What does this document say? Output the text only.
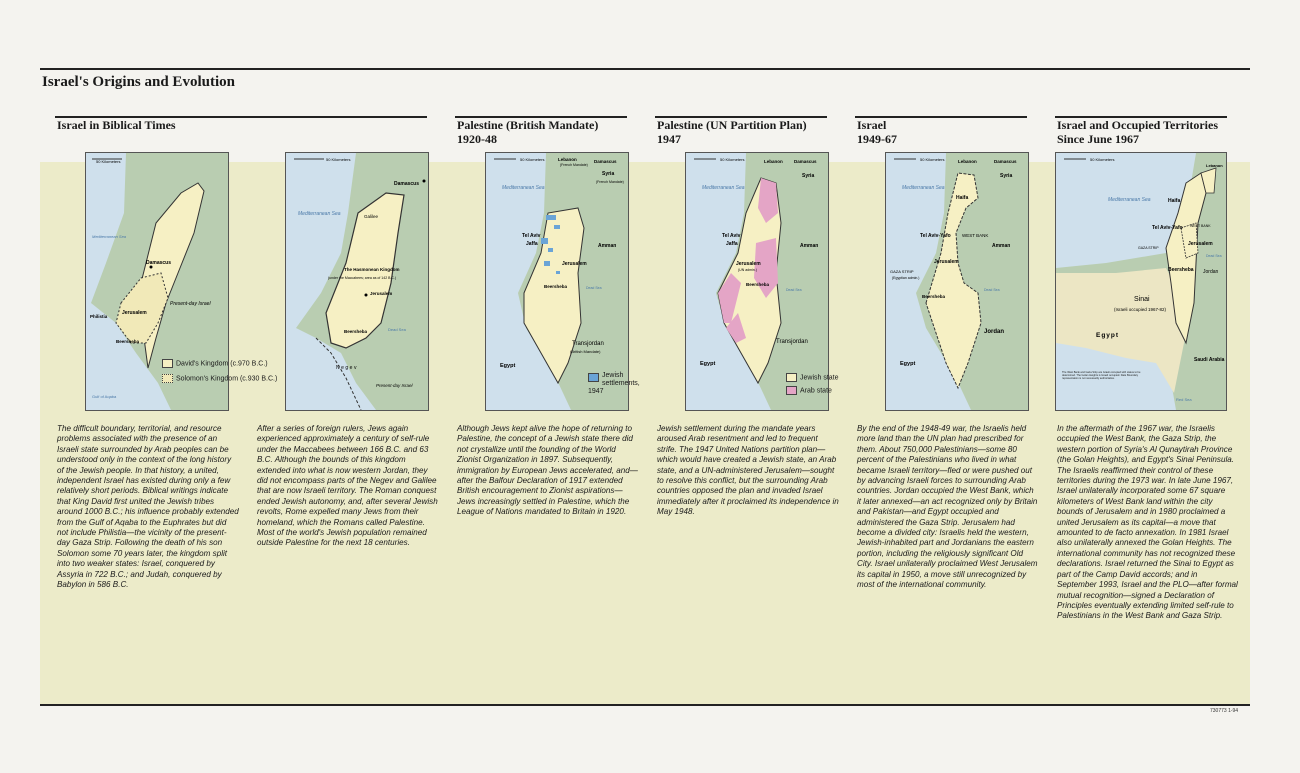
Israel's Origins and Evolution
730773 1-94
Israel in Biblical Times	Palestine (British Mandate)
1920-48
Palestine (UN Partition Plan)
1947
Israel
1949-67
Israel and Occupied Territories
Since June 1967
50 Kilometers
Damascus
Present-day Israel
Mediterranean Sea
Philistia
Jerusalem
Beersheba
Gulf of Aqaba
David's Kingdom (c.970 B.C.)
Solomon's Kingdom (c.930 B.C.)
50 Kilometers
Damascus
Mediterranean Sea	Galilee
The Hasmonean Kingdom
(under the Maccabees; area as of 142 B.C.)
Jerusalem
Beersheba	Dead Sea
Negev
Present-day Israel
50 Kilometers	Lebanon
(French Mandate)
Damascus
Syria
(French Mandate)
Mediterranean Sea
Tel Aviv
Jaffa
Jerusalem
Amman
Beersheba	Dead Sea
Transjordan
(British Mandate)
Egypt
Jewish settlements, 1947
50 Kilometers	Lebanon	Damascus
Syria
Mediterranean Sea
Tel Aviv
Jaffa	Amman
Jerusalem
(UN admin.)
Beersheba
Dead Sea
Transjordan
Egypt
Jewish state
Arab state
50 Kilometers	Lebanon	Damascus
Syria
Haifa
Mediterranean Sea
Tel Aviv-Yafo	WEST BANK
Amman
Jerusalem
GAZA STRIP
(Egyptian admin.)
Beersheba
Dead Sea
Jordan
Egypt
50 Kilometers
Lebanon
Haifa
Mediterranean Sea
Tel Aviv-Yafo WEST BANK
Jerusalem
GAZA STRIP
Dead Sea
Beersheba Jordan
Sinai
(Israeli occupied 1967-82)
Egypt
Saudi Arabia
Red Sea
The West Bank and Gaza Strip are Israeli occupied with status to be determined. The Golan Heights is Israeli occupied. Date Boundary representation is not necessarily authoritative.

The difficult boundary, territorial, and resource problems associated with the presence of an Israeli state surrounded by Arab peoples can be understood only in the context of the long history of the Jewish people. In that history, a united, independent Israel has existed during only a few relatively short periods. Biblical writings indicate that King David first united the Jewish tribes around 1000 B.C.; his influence probably extended from the Gulf of Aqaba to the Euphrates but did not include Philistia—the vicinity of the present-day Gaza Strip. Following the death of his son Solomon some 70 years later, the kingdom split into two weaker states: Israel, conquered by Assyria in 722 B.C.; and Judah, conquered by Babylon in 586 B.C.

After a series of foreign rulers, Jews again experienced approximately a century of self-rule under the Maccabees between 166 B.C. and 63 B.C. Although the bounds of this kingdom extended into what is now western Jordan, they did not encompass parts of the Negev and Galilee that are now Israeli territory. The Roman conquest ended Jewish autonomy, and, after several Jewish revolts, Rome expelled many Jews from their homeland, which the Romans called Palestine. Most of the world's Jewish population remained outside Palestine for the next 18 centuries.

Although Jews kept alive the hope of returning to Palestine, the concept of a Jewish state there did not crystallize until the founding of the World Zionist Organization in 1897. Subsequently, immigration by European Jews accelerated, and—after the Balfour Declaration of 1917 extended British encouragement to Zionist aspirations—Jews increasingly settled in Palestine, which the League of Nations mandated to Britain in 1920.

Jewish settlement during the mandate years aroused Arab resentment and led to frequent strife. The 1947 United Nations partition plan—which would have created a Jewish state, an Arab state, and a UN-administered Jerusalem—sought to resolve this conflict, but the surrounding Arab countries opposed the plan and invaded Israel immediately after it proclaimed its independence in May 1948.

By the end of the 1948-49 war, the Israelis held more land than the UN plan had prescribed for them. About 750,000 Palestinians—some 80 percent of the Palestinians who lived in what became Israeli territory—fled or were pushed out by advancing Israeli forces to surrounding Arab countries. Jordan occupied the West Bank, which it later annexed—an act recognized only by Britain and Pakistan—and Egypt occupied and administered the Gaza Strip. Jerusalem had become a divided city: Israelis held the western, Jewish-inhabited part and Jordanians the eastern portion, including the religiously significant Old City. Israel unilaterally proclaimed West Jerusalem its capital in 1950, a move still unrecognized by most of the international community.

In the aftermath of the 1967 war, the Israelis occupied the West Bank, the Gaza Strip, the western portion of Syria's Al Qunaytirah Province (the Golan Heights), and Egypt's Sinai Peninsula. The Israelis reaffirmed their control of these territories during the 1973 war. In late June 1967, Israel unilaterally incorporated some 67 square kilometers of West Bank land within the city bounds of Jerusalem and in 1980 proclaimed a united Jerusalem as its capital—a move that amounted to de facto annexation. In 1981 Israel also unilaterally annexed the Golan Heights. The international community has not recognized these declarations. Israel returned the Sinai to Egypt as part of the Camp David accords; and in September 1993, Israel and the PLO—after formal mutual recognition—signed a Declaration of Principles eventually extending limited self-rule to Palestinians in the West Bank and Gaza Strip.
